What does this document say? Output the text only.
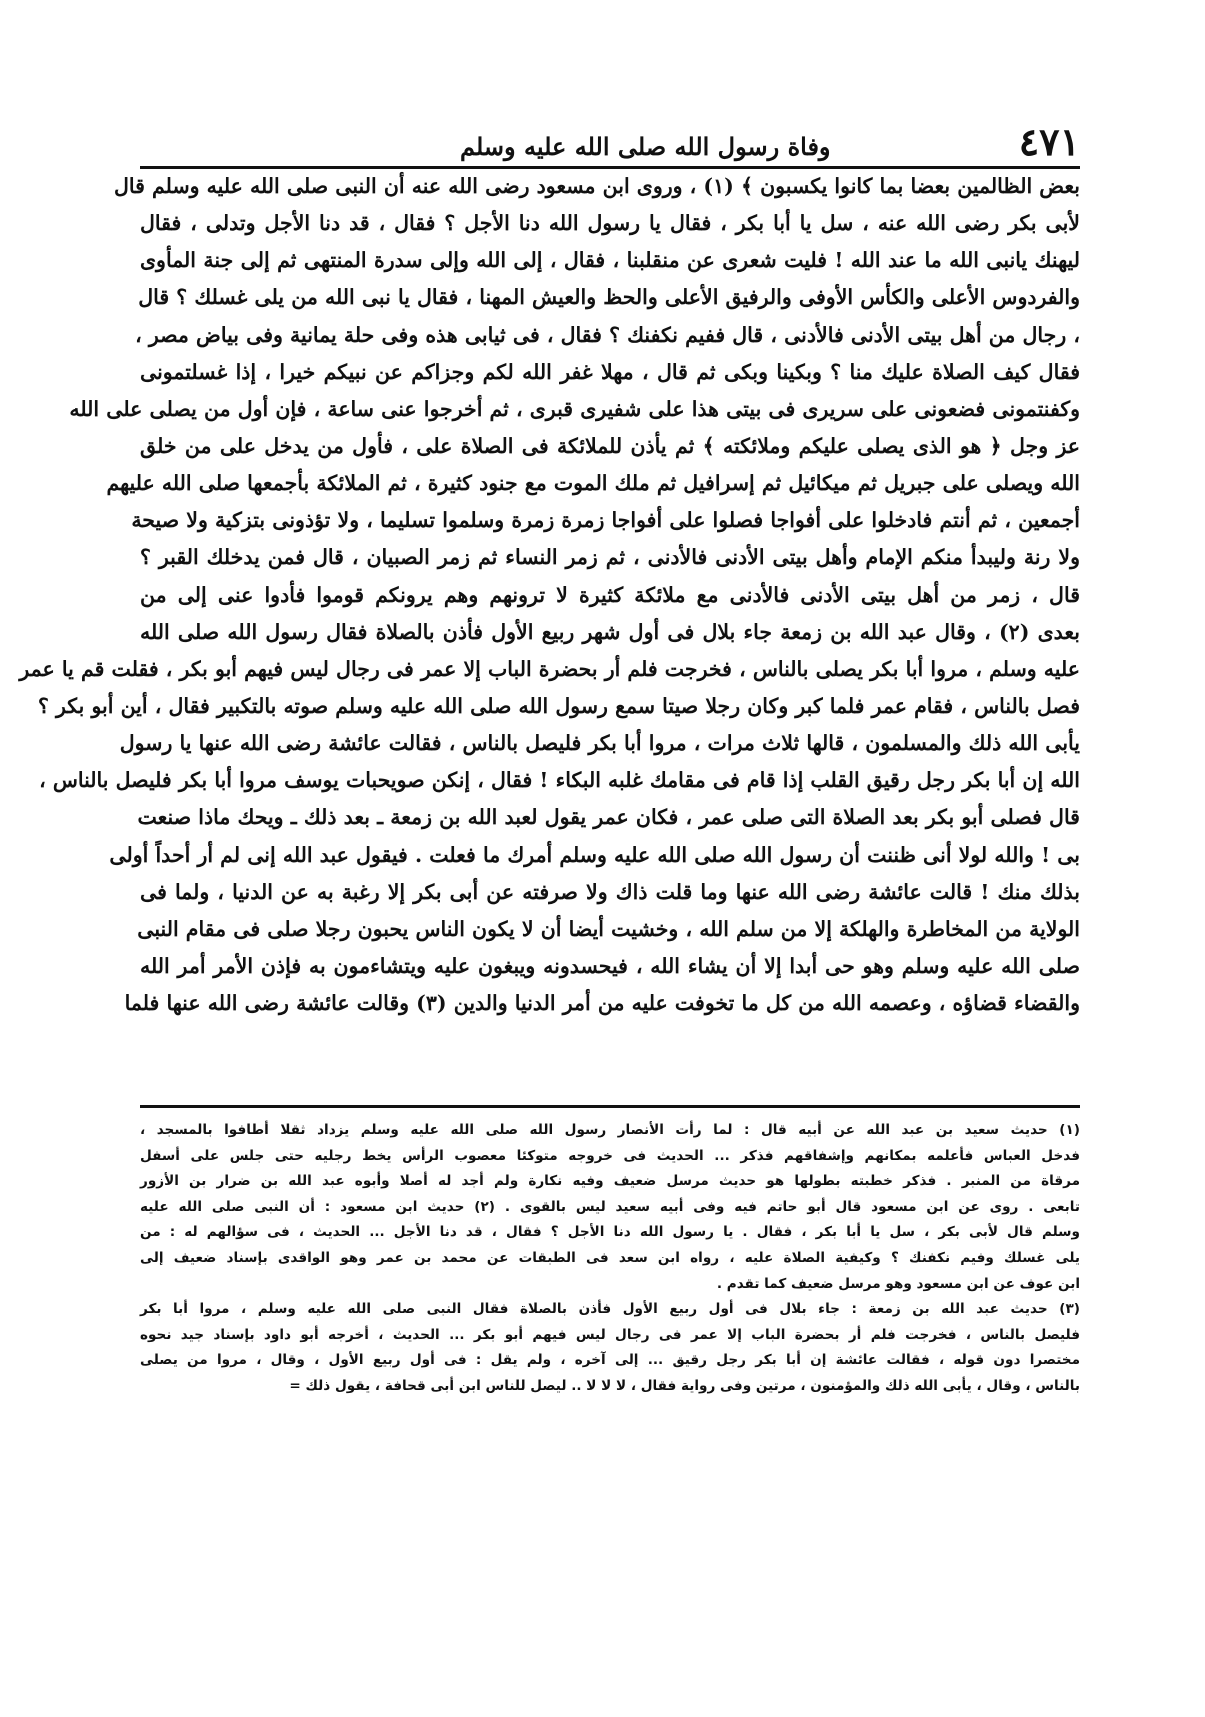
٤٧١
وفاة رسول الله صلى الله عليه وسلم
بعض الظالمين بعضا بما كانوا يكسبون ﴾ (١) ، وروى ابن مسعود رضى الله عنه أن النبى صلى الله عليه وسلم قال
لأبى بكر رضى الله عنه ، سل يا أبا بكر ، فقال يا رسول الله دنا الأجل ؟ فقال ، قد دنا الأجل وتدلى ، فقال
ليهنك يانبى الله ما عند الله ! فليت شعرى عن منقلبنا ، فقال ، إلى الله وإلى سدرة المنتهى ثم إلى جنة المأوى
والفردوس الأعلى والكأس الأوفى والرفيق الأعلى والحظ والعيش المهنا ، فقال يا نبى الله من يلى غسلك ؟ قال
، رجال من أهل بيتى الأدنى فالأدنى ، قال ففيم نكفنك ؟ فقال ، فى ثيابى هذه وفى حلة يمانية وفى بياض مصر ،
فقال كيف الصلاة عليك منا ؟ وبكينا وبكى ثم قال ، مهلا غفر الله لكم وجزاكم عن نبيكم خيرا ، إذا غسلتمونى
وكفنتمونى فضعونى على سريرى فى بيتى هذا على شفيرى قبرى ، ثم أخرجوا عنى ساعة ، فإن أول من يصلى على الله
عز وجل ﴿ هو الذى يصلى عليكم وملائكته ﴾ ثم يأذن للملائكة فى الصلاة على ، فأول من يدخل على من خلق
الله ويصلى على جبريل ثم ميكائيل ثم إسرافيل ثم ملك الموت مع جنود كثيرة ، ثم الملائكة بأجمعها صلى الله عليهم
أجمعين ، ثم أنتم فادخلوا على أفواجا فصلوا على أفواجا زمرة زمرة وسلموا تسليما ، ولا تؤذونى بتزكية ولا صيحة
ولا رنة وليبدأ منكم الإمام وأهل بيتى الأدنى فالأدنى ، ثم زمر النساء ثم زمر الصبيان ، قال فمن يدخلك القبر ؟
قال ، زمر من أهل بيتى الأدنى فالأدنى مع ملائكة كثيرة لا ترونهم وهم يرونكم قوموا فأدوا عنى إلى من
بعدى (٢) ، وقال عبد الله بن زمعة جاء بلال فى أول شهر ربيع الأول فأذن بالصلاة فقال رسول الله صلى الله
عليه وسلم ، مروا أبا بكر يصلى بالناس ، فخرجت فلم أر بحضرة الباب إلا عمر فى رجال ليس فيهم أبو بكر ، فقلت قم يا عمر
فصل بالناس ، فقام عمر فلما كبر وكان رجلا صيتا سمع رسول الله صلى الله عليه وسلم صوته بالتكبير فقال ، أين أبو بكر ؟
يأبى الله ذلك والمسلمون ، قالها ثلاث مرات ، مروا أبا بكر فليصل بالناس ، فقالت عائشة رضى الله عنها يا رسول
الله إن أبا بكر رجل رقيق القلب إذا قام فى مقامك غلبه البكاء ! فقال ، إنكن صويحبات يوسف مروا أبا بكر فليصل بالناس ،
قال فصلى أبو بكر بعد الصلاة التى صلى عمر ، فكان عمر يقول لعبد الله بن زمعة ـ بعد ذلك ـ ويحك ماذا صنعت
بى ! والله لولا أنى ظننت أن رسول الله صلى الله عليه وسلم أمرك ما فعلت . فيقول عبد الله إنى لم أر أحداً أولى
بذلك منك ! قالت عائشة رضى الله عنها وما قلت ذاك ولا صرفته عن أبى بكر إلا رغبة به عن الدنيا ، ولما فى
الولاية من المخاطرة والهلكة إلا من سلم الله ، وخشيت أيضا أن لا يكون الناس يحبون رجلا صلى فى مقام النبى
صلى الله عليه وسلم وهو حى أبدا إلا أن يشاء الله ، فيحسدونه ويبغون عليه ويتشاءمون به فإذن الأمر أمر الله
والقضاء قضاؤه ، وعصمه الله من كل ما تخوفت عليه من أمر الدنيا والدين (٣) وقالت عائشة رضى الله عنها فلما
(١) حديث سعيد بن عبد الله عن أبيه قال : لما رأت الأنصار رسول الله صلى الله عليه وسلم يزداد ثقلا أطافوا بالمسجد ،
فدخل العباس فأعلمه بمكانهم وإشفاقهم فذكر ... الحديث فى خروجه متوكئا معصوب الرأس يخط رجليه حتى جلس على أسفل
مرقاة من المنبر . فذكر خطبته بطولها هو حديث مرسل ضعيف وفيه نكارة ولم أجد له أصلا وأبوه عبد الله بن ضرار بن الأزور
تابعى . روى عن ابن مسعود قال أبو حاتم فيه وفى أبيه سعيد ليس بالقوى . (٢) حديث ابن مسعود : أن النبى صلى الله عليه
وسلم قال لأبى بكر ، سل يا أبا بكر ، فقال . يا رسول الله دنا الأجل ؟ فقال ، قد دنا الأجل ... الحديث ، فى سؤالهم له : من
يلى غسلك وفيم نكفنك ؟ وكيفية الصلاة عليه ، رواه ابن سعد فى الطبقات عن محمد بن عمر وهو الواقدى بإسناد ضعيف إلى
ابن عوف عن ابن مسعود وهو مرسل ضعيف كما تقدم .
(٣) حديث عبد الله بن زمعة : جاء بلال فى أول ربيع الأول فأذن بالصلاة فقال النبى صلى الله عليه وسلم ، مروا أبا بكر
فليصل بالناس ، فخرجت فلم أر بحضرة الباب إلا عمر فى رجال ليس فيهم أبو بكر ... الحديث ، أخرجه أبو داود بإسناد جيد نحوه
مختصرا دون قوله ، فقالت عائشة إن أبا بكر رجل رقيق ... إلى آخره ، ولم يقل : فى أول ربيع الأول ، وقال ، مروا من يصلى
بالناس ، وقال ، يأبى الله ذلك والمؤمنون ، مرتين وفى رواية فقال ، لا لا لا .. ليصل للناس ابن أبى قحافة ، يقول ذلك =
